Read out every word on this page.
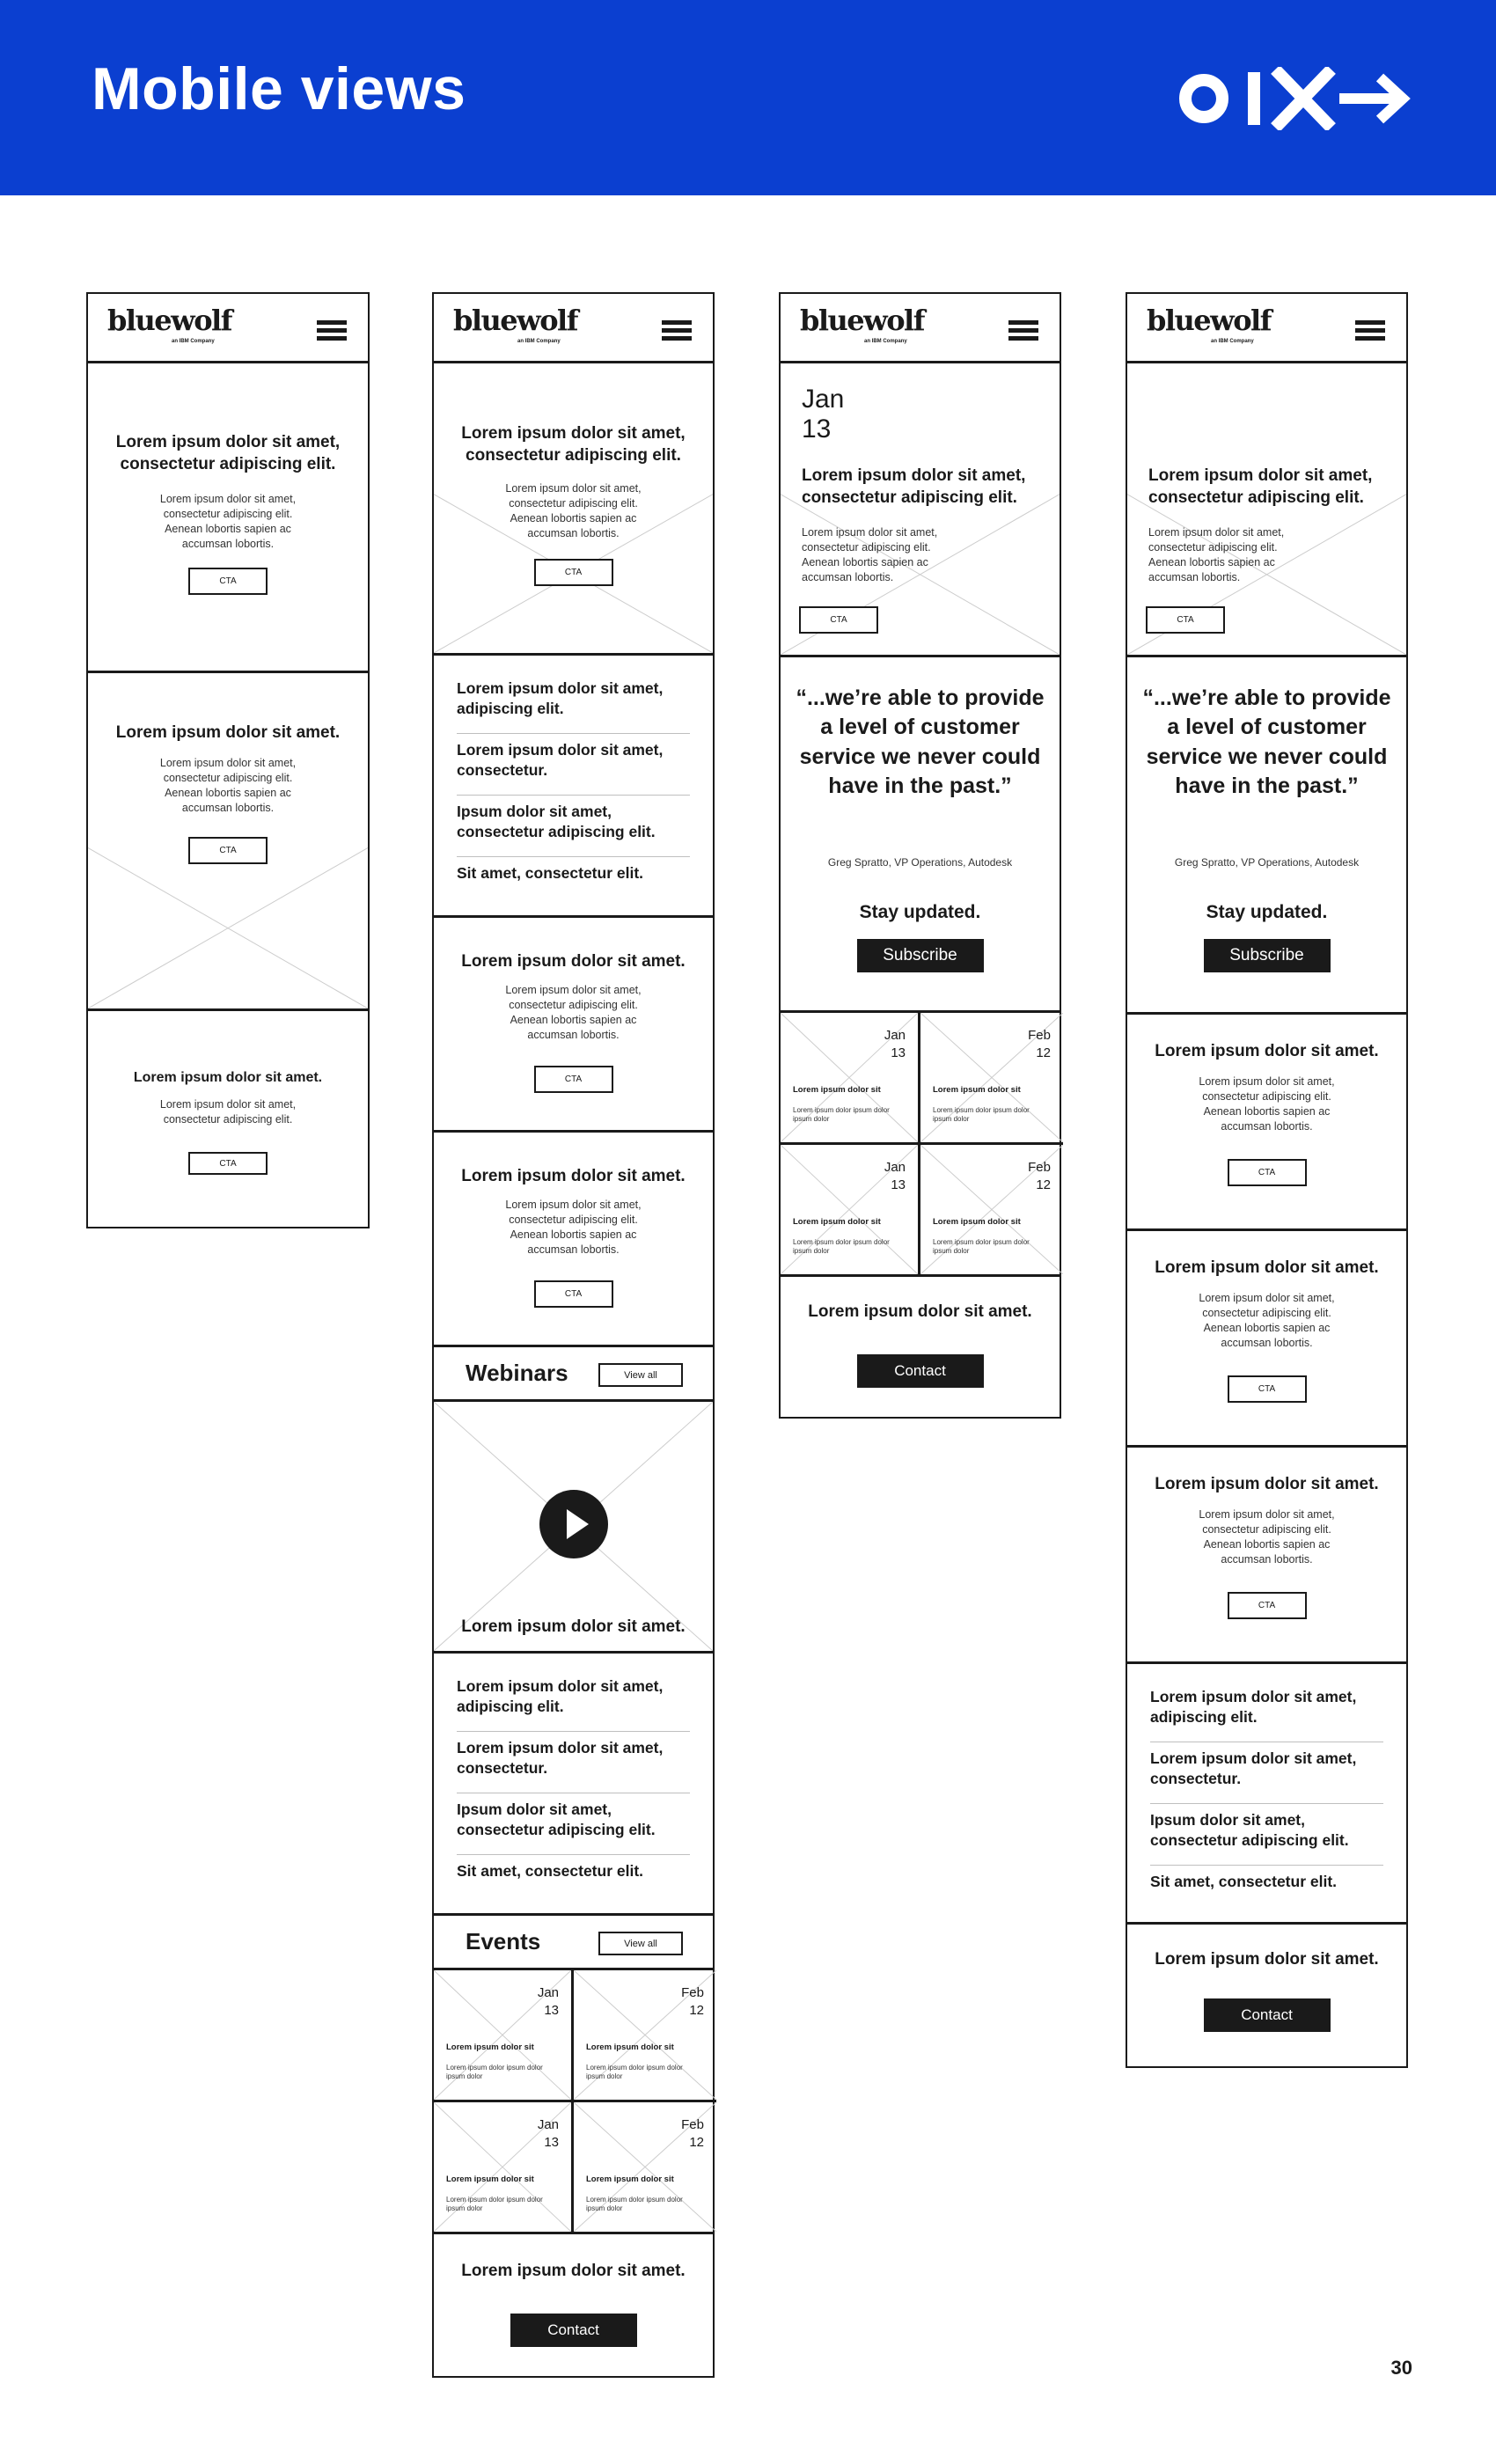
Mobile views
bluewolf
an IBM Company
Lorem ipsum dolor sit amet, consectetur adipiscing elit.
Lorem ipsum dolor sit amet, consectetur adipiscing elit. Aenean lobortis sapien ac accumsan lobortis.
CTA
Lorem ipsum dolor sit amet.
Lorem ipsum dolor sit amet, consectetur adipiscing elit. Aenean lobortis sapien ac accumsan lobortis.
CTA
Lorem ipsum dolor sit amet.
Lorem ipsum dolor sit amet, consectetur adipiscing elit.
CTA
bluewolf
an IBM Company
Lorem ipsum dolor sit amet, consectetur adipiscing elit.
Lorem ipsum dolor sit amet, consectetur adipiscing elit. Aenean lobortis sapien ac accumsan lobortis.
CTA
Lorem ipsum dolor sit amet, adipiscing elit.
Lorem ipsum dolor sit amet, consectetur.
Ipsum dolor sit amet, consectetur adipiscing elit.
Sit amet, consectetur elit.
Lorem ipsum dolor sit amet.
Lorem ipsum dolor sit amet, consectetur adipiscing elit. Aenean lobortis sapien ac accumsan lobortis.
CTA
Lorem ipsum dolor sit amet.
Lorem ipsum dolor sit amet, consectetur adipiscing elit. Aenean lobortis sapien ac accumsan lobortis.
CTA
Webinars	View all
Lorem ipsum dolor sit amet.
Lorem ipsum dolor sit amet, adipiscing elit.
Lorem ipsum dolor sit amet, consectetur.
Ipsum dolor sit amet, consectetur adipiscing elit.
Sit amet, consectetur elit.
Events	View all
Jan
13
Lorem ipsum dolor sit
Lorem ipsum dolor ipsum dolor ipsum dolor
Feb
12
Lorem ipsum dolor sit
Lorem ipsum dolor ipsum dolor ipsum dolor
Jan
13
Lorem ipsum dolor sit
Lorem ipsum dolor ipsum dolor ipsum dolor
Feb
12
Lorem ipsum dolor sit
Lorem ipsum dolor ipsum dolor ipsum dolor
Lorem ipsum dolor sit amet.
Contact
bluewolf
an IBM Company
Jan 13
Lorem ipsum dolor sit amet, consectetur adipiscing elit.
Lorem ipsum dolor sit amet, consectetur adipiscing elit. Aenean lobortis sapien ac accumsan lobortis.
CTA
“...we’re able to provide a level of customer service we never could have in the past.”
Greg Spratto, VP Operations, Autodesk
Stay updated.
Subscribe
Jan
13
Lorem ipsum dolor sit
Lorem ipsum dolor ipsum dolor ipsum dolor
Feb
12
Lorem ipsum dolor sit
Lorem ipsum dolor ipsum dolor ipsum dolor
Jan
13
Lorem ipsum dolor sit
Lorem ipsum dolor ipsum dolor ipsum dolor
Feb
12
Lorem ipsum dolor sit
Lorem ipsum dolor ipsum dolor ipsum dolor
Lorem ipsum dolor sit amet.
Contact
bluewolf
an IBM Company
Lorem ipsum dolor sit amet, consectetur adipiscing elit.
Lorem ipsum dolor sit amet, consectetur adipiscing elit. Aenean lobortis sapien ac accumsan lobortis.
CTA
“...we’re able to provide a level of customer service we never could have in the past.”
Greg Spratto, VP Operations, Autodesk
Stay updated.
Subscribe
Lorem ipsum dolor sit amet.
Lorem ipsum dolor sit amet, consectetur adipiscing elit. Aenean lobortis sapien ac accumsan lobortis.
CTA
Lorem ipsum dolor sit amet.
Lorem ipsum dolor sit amet, consectetur adipiscing elit. Aenean lobortis sapien ac accumsan lobortis.
CTA
Lorem ipsum dolor sit amet.
Lorem ipsum dolor sit amet, consectetur adipiscing elit. Aenean lobortis sapien ac accumsan lobortis.
CTA
Lorem ipsum dolor sit amet, adipiscing elit.
Lorem ipsum dolor sit amet, consectetur.
Ipsum dolor sit amet, consectetur adipiscing elit.
Sit amet, consectetur elit.
Lorem ipsum dolor sit amet.
Contact
30
